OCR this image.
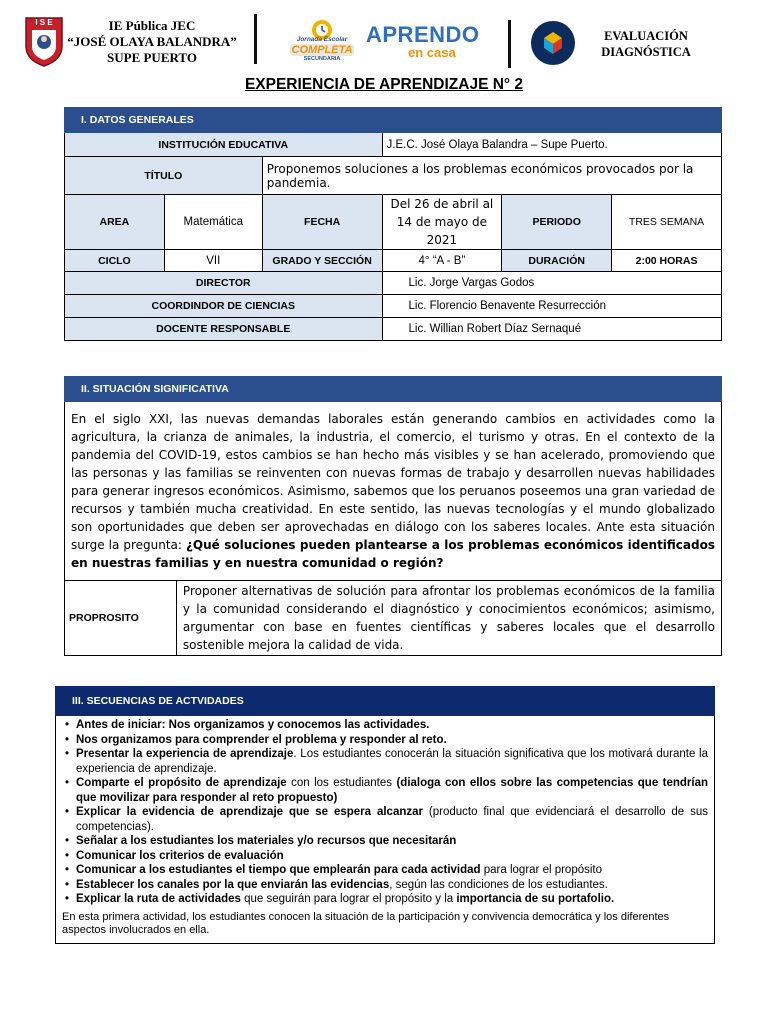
I S E	IE Pública JEC
“JOSÉ OLAYA BALANDRA”
SUPE PUERTO
Jornada Escolar
COMPLETA
SECUNDARIA
APRENDO
en casa
EVALUACIÓN
DIAGNÓSTICA
EXPERIENCIA DE APRENDIZAJE N° 2
I. DATOS GENERALES					
INSTITUCIÓN EDUCATIVA			J.E.C. José Olaya Balandra – Supe Puerto.		
TÍTULO		Proponemos soluciones a los problemas económicos provocados por la pandemia.			
AREA	Matemática	FECHA	Del 26 de abril al 14 de mayo de 2021	PERIODO	TRES SEMANA
CICLO	VII	GRADO Y SECCIÓN	4° “A - B”	DURACIÓN	2:00 HORAS
DIRECTOR			Lic. Jorge Vargas Godos		
COORDINDOR DE CIENCIAS			Lic. Florencio Benavente Resurrección		
DOCENTE RESPONSABLE			Lic. Willian Robert Díaz Sernaqué		
II. SITUACIÓN SIGNIFICATIVA
En el siglo XXI, las nuevas demandas laborales están generando cambios en actividades como la agricultura, la crianza de animales, la industria, el comercio, el turismo y otras. En el contexto de la pandemia del COVID-19, estos cambios se han hecho más visibles y se han acelerado, promoviendo que las personas y las familias se reinventen con nuevas formas de trabajo y desarrollen nuevas habilidades para generar ingresos económicos. Asimismo, sabemos que los peruanos poseemos una gran variedad de recursos y también mucha creatividad. En este sentido, las nuevas tecnologías y el mundo globalizado son oportunidades que deben ser aprovechadas en diálogo con los saberes locales. Ante esta situación surge la pregunta: ¿Qué soluciones pueden plantearse a los problemas económicos identificados en nuestras familias y en nuestra comunidad o región?
PROPROSITO	Proponer alternativas de solución para afrontar los problemas económicos de la familia y la comunidad considerando el diagnóstico y conocimientos económicos; asimismo, argumentar con base en fuentes científicas y saberes locales que el desarrollo sostenible mejora la calidad de vida.
III. SECUENCIAS DE ACTVIDADES

• Antes de iniciar: Nos organizamos y conocemos las actividades.
• Nos organizamos para comprender el problema y responder al reto.
• Presentar la experiencia de aprendizaje. Los estudiantes conocerán la situación significativa que los motivará durante la experiencia de aprendizaje.
• Comparte el propósito de aprendizaje con los estudiantes (dialoga con ellos sobre las competencias que tendrían que movilizar para responder al reto propuesto)
• Explicar la evidencia de aprendizaje que se espera alcanzar (producto final que evidenciará el desarrollo de sus competencias).
• Señalar a los estudiantes los materiales y/o recursos que necesitarán
• Comunicar los criterios de evaluación
• Comunicar a los estudiantes el tiempo que emplearán para cada actividad para lograr el propósito
• Establecer los canales por la que enviarán las evidencias, según las condiciones de los estudiantes.
• Explicar la ruta de actividades que seguirán para lograr el propósito y la importancia de su portafolio.
En esta primera actividad, los estudiantes conocen la situación de la participación y convivencia democrática y los diferentes aspectos involucrados en ella.
